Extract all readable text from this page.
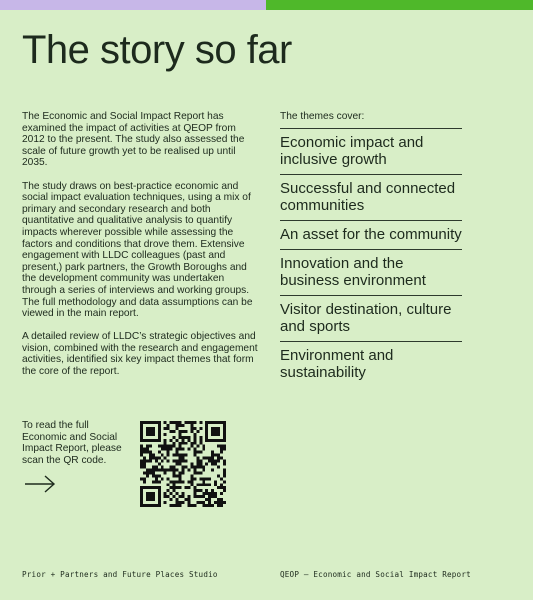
The story so far

The Economic and Social Impact Report has examined the impact of activities at QEOP from 2012 to the present. The study also assessed the scale of future growth yet to be realised up until 2035.

The study draws on best-practice economic and social impact evaluation techniques, using a mix of primary and secondary research and both quantitative and qualitative analysis to quantify impacts wherever possible while assessing the factors and conditions that drove them. Extensive engagement with LLDC colleagues (past and present,) park partners, the Growth Boroughs and the development community was undertaken through a series of interviews and working groups. The full methodology and data assumptions can be viewed in the main report.

A detailed review of LLDC’s strategic objectives and vision, combined with the research and engagement activities, identified six key impact themes that form the core of the report.

The themes cover:
Economic impact and inclusive growth
Successful and connected communities
An asset for the community
Innovation and the business environment
Visitor destination, culture and sports
Environment and sustainability
To read the full Economic and Social Impact Report, please scan the QR code.
Prior + Partners and Future Places Studio	QEOP — Economic and Social Impact Report
